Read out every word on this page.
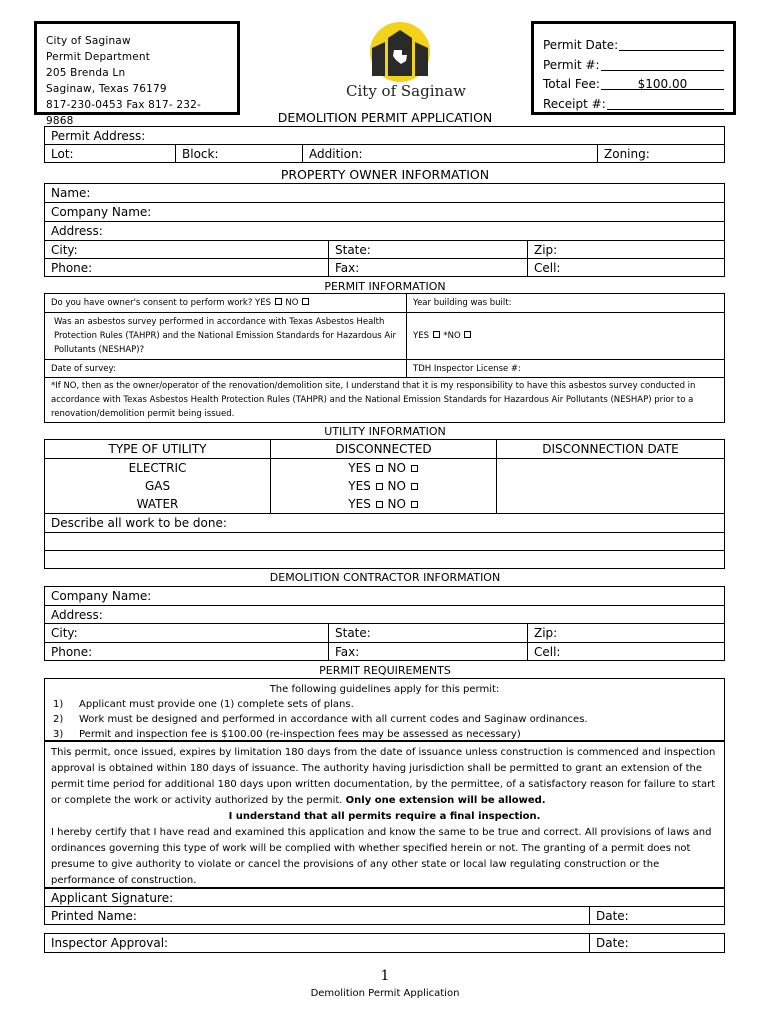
City of Saginaw
Permit Department
205 Brenda Ln
Saginaw, Texas 76179
817-230-0453 Fax 817- 232-9868
City of Saginaw
Permit Date:
Permit #:
Total Fee:	$100.00
Receipt #:
DEMOLITION PERMIT APPLICATION
Permit Address:
Lot:	Block:	Addition:	Zoning:
PROPERTY OWNER INFORMATION
Name:		
Company Name:		
Address:		
City:	State:	Zip:
Phone:	Fax:	Cell:
PERMIT INFORMATION
Do you have owner's consent to perform work? YES NO	Year building was built:
Was an asbestos survey performed in accordance with Texas Asbestos Health Protection Rules (TAHPR) and the National Emission Standards for Hazardous Air Pollutants (NESHAP)?	YES *NO
Date of survey:	TDH Inspector License #:
*If NO, then as the owner/operator of the renovation/demolition site, I understand that it is my responsibility to have this asbestos survey conducted in accordance with Texas Asbestos Health Protection Rules (TAHPR) and the National Emission Standards for Hazardous Air Pollutants (NESHAP) prior to a renovation/demolition permit being issued.	
UTILITY INFORMATION
TYPE OF UTILITY	DISCONNECTED	DISCONNECTION DATE
ELECTRIC	YES NO	
GAS	YES NO	
WATER	YES NO	
Describe all work to be done:		

DEMOLITION CONTRACTOR INFORMATION
Company Name:		
Address:		
City:	State:	Zip:
Phone:	Fax:	Cell:
PERMIT REQUIREMENTS
The following guidelines apply for this permit:
1)	Applicant must provide one (1) complete sets of plans.
2)	Work must be designed and performed in accordance with all current codes and Saginaw ordinances.
3)	Permit and inspection fee is $100.00 (re-inspection fees may be assessed as necessary)
This permit, once issued, expires by limitation 180 days from the date of issuance unless construction is commenced and inspection approval is obtained within 180 days of issuance. The authority having jurisdiction shall be permitted to grant an extension of the permit time period for additional 180 days upon written documentation, by the permittee, of a satisfactory reason for failure to start or complete the work or activity authorized by the permit. Only one extension will be allowed.
I understand that all permits require a final inspection.
I hereby certify that I have read and examined this application and know the same to be true and correct. All provisions of laws and ordinances governing this type of work will be complied with whether specified herein or not. The granting of a permit does not presume to give authority to violate or cancel the provisions of any other state or local law regulating construction or the performance of construction.
Applicant Signature:
Printed Name:	Date:
Inspector Approval:	Date:
1
Demolition Permit Application
